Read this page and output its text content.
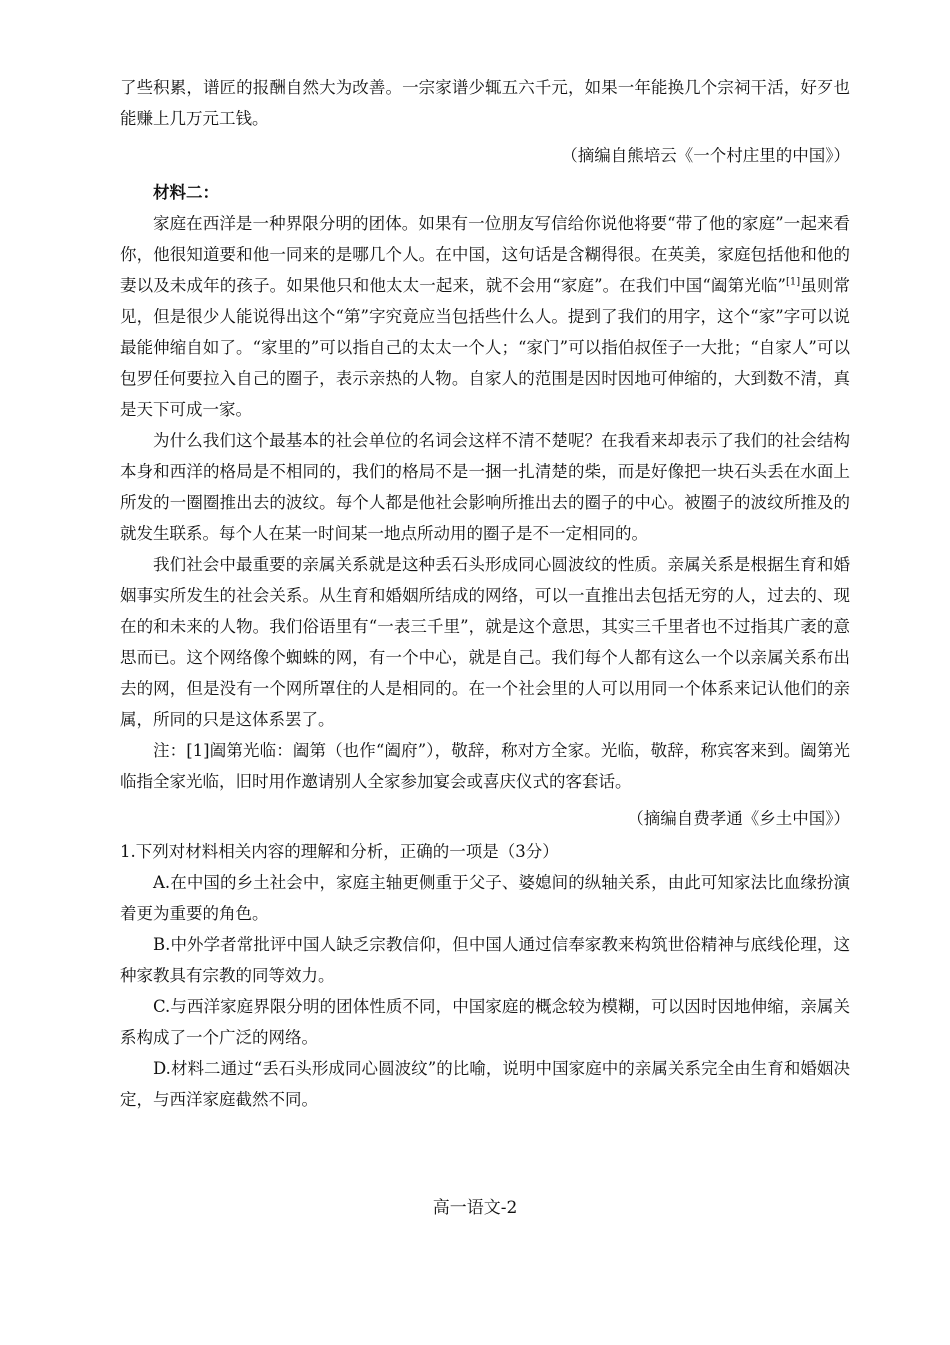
了些积累，谱匠的报酬自然大为改善。一宗家谱少辄五六千元，如果一年能换几个宗祠干活，好歹也能赚上几万元工钱。

（摘编自熊培云《一个村庄里的中国》）

材料二：

家庭在西洋是一种界限分明的团体。如果有一位朋友写信给你说他将要“带了他的家庭”一起来看你，他很知道要和他一同来的是哪几个人。在中国，这句话是含糊得很。在英美，家庭包括他和他的妻以及未成年的孩子。如果他只和他太太一起来，就不会用“家庭”。在我们中国“阖第光临”[1]虽则常见，但是很少人能说得出这个“第”字究竟应当包括些什么人。提到了我们的用字，这个“家”字可以说最能伸缩自如了。“家里的”可以指自己的太太一个人；“家门”可以指伯叔侄子一大批；“自家人”可以包罗任何要拉入自己的圈子，表示亲热的人物。自家人的范围是因时因地可伸缩的，大到数不清，真是天下可成一家。

为什么我们这个最基本的社会单位的名词会这样不清不楚呢？在我看来却表示了我们的社会结构本身和西洋的格局是不相同的，我们的格局不是一捆一扎清楚的柴，而是好像把一块石头丢在水面上所发的一圈圈推出去的波纹。每个人都是他社会影响所推出去的圈子的中心。被圈子的波纹所推及的就发生联系。每个人在某一时间某一地点所动用的圈子是不一定相同的。

我们社会中最重要的亲属关系就是这种丢石头形成同心圆波纹的性质。亲属关系是根据生育和婚姻事实所发生的社会关系。从生育和婚姻所结成的网络，可以一直推出去包括无穷的人，过去的、现在的和未来的人物。我们俗语里有“一表三千里”，就是这个意思，其实三千里者也不过指其广袤的意思而已。这个网络像个蜘蛛的网，有一个中心，就是自己。我们每个人都有这么一个以亲属关系布出去的网，但是没有一个网所罩住的人是相同的。在一个社会里的人可以用同一个体系来记认他们的亲属，所同的只是这体系罢了。

注：[1]阖第光临：阖第（也作“阖府”），敬辞，称对方全家。光临，敬辞，称宾客来到。阖第光临指全家光临，旧时用作邀请别人全家参加宴会或喜庆仪式的客套话。

（摘编自费孝通《乡土中国》）

1.下列对材料相关内容的理解和分析，正确的一项是（3分）

A.在中国的乡土社会中，家庭主轴更侧重于父子、婆媳间的纵轴关系，由此可知家法比血缘扮演着更为重要的角色。

B.中外学者常批评中国人缺乏宗教信仰，但中国人通过信奉家教来构筑世俗精神与底线伦理，这种家教具有宗教的同等效力。

C.与西洋家庭界限分明的团体性质不同，中国家庭的概念较为模糊，可以因时因地伸缩，亲属关系构成了一个广泛的网络。

D.材料二通过“丢石头形成同心圆波纹”的比喻，说明中国家庭中的亲属关系完全由生育和婚姻决定，与西洋家庭截然不同。

高一语文-2
